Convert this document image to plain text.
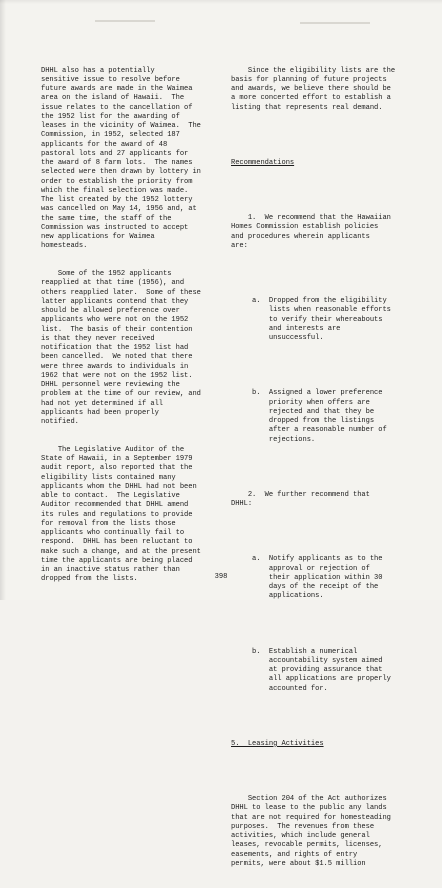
DHHL also has a potentially
sensitive issue to resolve before
future awards are made in the Waimea
area on the island of Hawaii.  The
issue relates to the cancellation of
the 1952 list for the awarding of
leases in the vicinity of Waimea.  The
Commission, in 1952, selected 187
applicants for the award of 48
pastoral lots and 27 applicants for
the award of 8 farm lots.  The names
selected were then drawn by lottery in
order to establish the priority from
which the final selection was made.
The list created by the 1952 lottery
was cancelled on May 14, 1956 and, at
the same time, the staff of the
Commission was instructed to accept
new applications for Waimea
homesteads.

Some of the 1952 applicants
reapplied at that time (1956), and
others reapplied later.  Some of these
latter applicants contend that they
should be allowed preference over
applicants who were not on the 1952
list.  The basis of their contention
is that they never received
notification that the 1952 list had
been cancelled.  We noted that there
were three awards to individuals in
1962 that were not on the 1952 list.
DHHL personnel were reviewing the
problem at the time of our review, and
had not yet determined if all
applicants had been properly
notified.

The Legislative Auditor of the
State of Hawaii, in a September 1979
audit report, also reported that the
eligibility lists contained many
applicants whom the DHHL had not been
able to contact.  The Legislative
Auditor recommended that DHHL amend
its rules and regulations to provide
for removal from the lists those
applicants who continually fail to
respond.  DHHL has been reluctant to
make such a change, and at the present
time the applicants are being placed
in an inactive status rather than
dropped from the lists.

Since the eligibility lists are the
basis for planning of future projects
and awards, we believe there should be
a more concerted effort to establish a
listing that represents real demand.

Recommendations

1.  We recommend that the Hawaiian
Homes Commission establish policies
and procedures wherein applicants
are:

a.  Dropped from the eligibility
lists when reasonable efforts
to verify their whereabouts
and interests are
unsuccessful.

b.  Assigned a lower preference
priority when offers are
rejected and that they be
dropped from the listings
after a reasonable number of
rejections.

2.  We further recommend that
DHHL:

a.  Notify applicants as to the
approval or rejection of
their application within 30
days of the receipt of the
applications.

b.  Establish a numerical
accountability system aimed
at providing assurance that
all applications are properly
accounted for.

5.  Leasing Activities

Section 204 of the Act authorizes
DHHL to lease to the public any lands
that are not required for homesteading
purposes.  The revenues from these
activities, which include general
leases, revocable permits, licenses,
easements, and rights of entry
permits, were about $1.5 million

398
